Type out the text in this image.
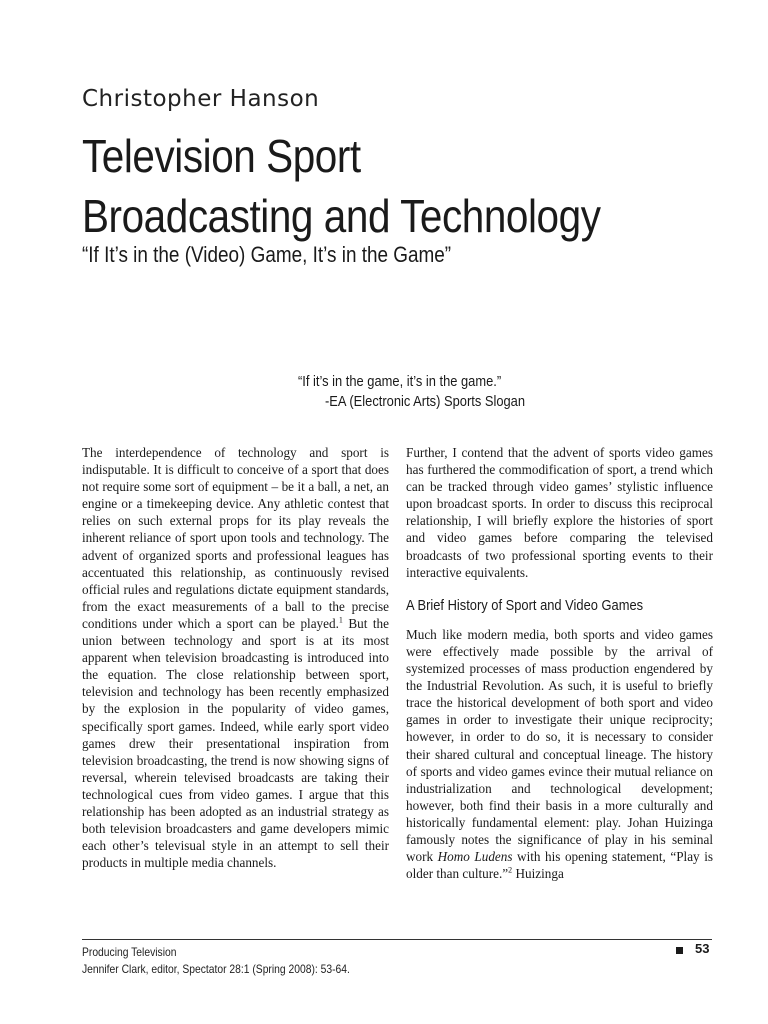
Christopher Hanson
Television Sport
Broadcasting and Technology
“If It’s in the (Video) Game, It’s in the Game”

“If it’s in the game, it’s in the game.”

-EA (Electronic Arts) Sports Slogan

The interdependence of technology and sport is indisputable. It is difficult to conceive of a sport that does not require some sort of equipment – be it a ball, a net, an engine or a timekeeping device. Any athletic contest that relies on such external props for its play reveals the inherent reliance of sport upon tools and technology. The advent of organized sports and professional leagues has accentuated this relationship, as continuously revised official rules and regulations dictate equipment standards, from the exact measurements of a ball to the precise conditions under which a sport can be played.$^1$ But the union between technology and sport is at its most apparent when television broadcasting is introduced into the equation. The close relationship between sport, television and technology has been recently emphasized by the explosion in the popularity of video games, specifically sport games. Indeed, while early sport video games drew their presentational inspiration from television broadcasting, the trend is now showing signs of reversal, wherein televised broadcasts are taking their technological cues from video games. I argue that this relationship has been adopted as an industrial strategy as both television broadcasters and game developers mimic each other’s televisual style in an attempt to sell their products in multiple media channels.

Further, I contend that the advent of sports video games has furthered the commodification of sport, a trend which can be tracked through video games’ stylistic influence upon broadcast sports. In order to discuss this reciprocal relationship, I will briefly explore the histories of sport and video games before comparing the televised broadcasts of two professional sporting events to their interactive equivalents.

A Brief History of Sport and Video Games

Much like modern media, both sports and video games were effectively made possible by the arrival of systemized processes of mass production engendered by the Industrial Revolution. As such, it is useful to briefly trace the historical development of both sport and video games in order to investigate their unique reciprocity; however, in order to do so, it is necessary to consider their shared cultural and conceptual lineage. The history of sports and video games evince their mutual reliance on industrialization and technological development; however, both find their basis in a more culturally and historically fundamental element: play. Johan Huizinga famously notes the significance of play in his seminal work Homo Ludens with his opening statement, “Play is older than culture.”$^2$ Huizinga

Producing Television
Jennifer Clark, editor, Spectator 28:1 (Spring 2008): 53-64.
53
